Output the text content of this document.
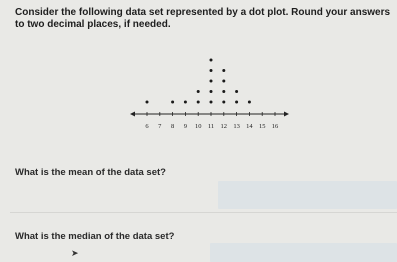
Consider the following data set represented by a dot plot. Round your answers to two decimal places, if needed.
6 7 8 9 10 11 12 13 14 15 16
What is the mean of the data set?
What is the median of the data set?
➤
